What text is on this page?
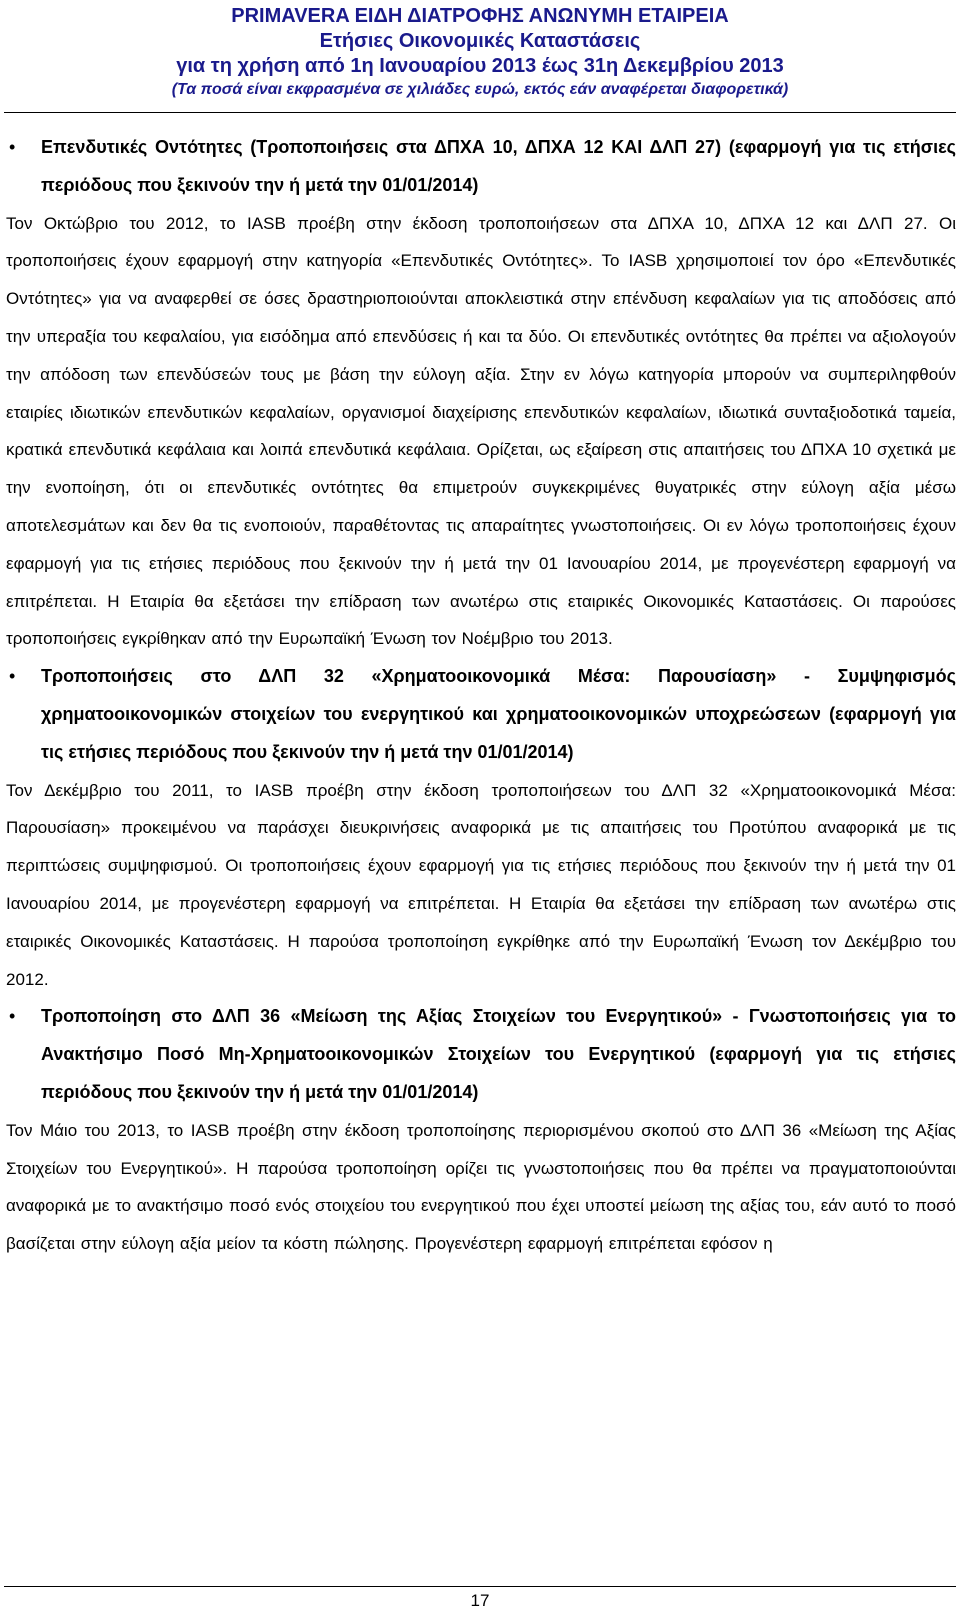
PRIMAVERA ΕΙΔΗ ΔΙΑΤΡΟΦΗΣ ΑΝΩΝΥΜΗ ΕΤΑΙΡΕΙΑ
Ετήσιες Οικονομικές Καταστάσεις
για τη χρήση από 1η Ιανουαρίου 2013 έως 31η Δεκεμβρίου 2013
(Τα ποσά είναι εκφρασμένα σε χιλιάδες ευρώ, εκτός εάν αναφέρεται διαφορετικά)
• Επενδυτικές Οντότητες (Τροποποιήσεις στα ΔΠΧΑ 10, ΔΠΧΑ 12 ΚΑΙ ΔΛΠ 27) (εφαρμογή για τις ετήσιες περιόδους που ξεκινούν την ή μετά την 01/01/2014)
Τον Οκτώβριο του 2012, το IASB προέβη στην έκδοση τροποποιήσεων στα ΔΠΧΑ 10, ΔΠΧΑ 12 και ΔΛΠ 27. Οι τροποποιήσεις έχουν εφαρμογή στην κατηγορία «Επενδυτικές Οντότητες». Το IASB χρησιμοποιεί τον όρο «Επενδυτικές Οντότητες» για να αναφερθεί σε όσες δραστηριοποιούνται αποκλειστικά στην επένδυση κεφαλαίων για τις αποδόσεις από την υπεραξία του κεφαλαίου, για εισόδημα από επενδύσεις ή και τα δύο. Οι επενδυτικές οντότητες θα πρέπει να αξιολογούν την απόδοση των επενδύσεών τους με βάση την εύλογη αξία. Στην εν λόγω κατηγορία μπορούν να συμπεριληφθούν εταιρίες ιδιωτικών επενδυτικών κεφαλαίων, οργανισμοί διαχείρισης επενδυτικών κεφαλαίων, ιδιωτικά συνταξιοδοτικά ταμεία, κρατικά επενδυτικά κεφάλαια και λοιπά επενδυτικά κεφάλαια. Ορίζεται, ως εξαίρεση στις απαιτήσεις του ΔΠΧΑ 10 σχετικά με την ενοποίηση, ότι οι επενδυτικές οντότητες θα επιμετρούν συγκεκριμένες θυγατρικές στην εύλογη αξία μέσω αποτελεσμάτων και δεν θα τις ενοποιούν, παραθέτοντας τις απαραίτητες γνωστοποιήσεις. Οι εν λόγω τροποποιήσεις έχουν εφαρμογή για τις ετήσιες περιόδους που ξεκινούν την ή μετά την 01 Ιανουαρίου 2014, με προγενέστερη εφαρμογή να επιτρέπεται. Η Εταιρία θα εξετάσει την επίδραση των ανωτέρω στις εταιρικές Οικονομικές Καταστάσεις. Οι παρούσες τροποποιήσεις εγκρίθηκαν από την Ευρωπαϊκή Ένωση τον Νοέμβριο του 2013.
• Τροποποιήσεις στο ΔΛΠ 32 «Χρηματοοικονομικά Μέσα: Παρουσίαση» - Συμψηφισμός χρηματοοικονομικών στοιχείων του ενεργητικού και χρηματοοικονομικών υποχρεώσεων (εφαρμογή για τις ετήσιες περιόδους που ξεκινούν την ή μετά την 01/01/2014)
Τον Δεκέμβριο του 2011, το IASB προέβη στην έκδοση τροποποιήσεων του ΔΛΠ 32 «Χρηματοοικονομικά Μέσα: Παρουσίαση» προκειμένου να παράσχει διευκρινήσεις αναφορικά με τις απαιτήσεις του Προτύπου αναφορικά με τις περιπτώσεις συμψηφισμού. Οι τροποποιήσεις έχουν εφαρμογή για τις ετήσιες περιόδους που ξεκινούν την ή μετά την 01 Ιανουαρίου 2014, με προγενέστερη εφαρμογή να επιτρέπεται. Η Εταιρία θα εξετάσει την επίδραση των ανωτέρω στις εταιρικές Οικονομικές Καταστάσεις. Η παρούσα τροποποίηση εγκρίθηκε από την Ευρωπαϊκή Ένωση τον Δεκέμβριο του 2012.
• Τροποποίηση στο ΔΛΠ 36 «Μείωση της Αξίας Στοιχείων του Ενεργητικού» - Γνωστοποιήσεις για το Ανακτήσιμο Ποσό Μη-Χρηματοοικονομικών Στοιχείων του Ενεργητικού (εφαρμογή για τις ετήσιες περιόδους που ξεκινούν την ή μετά την 01/01/2014)
Τον Μάιο του 2013, το IASB προέβη στην έκδοση τροποποίησης περιορισμένου σκοπού στο ΔΛΠ 36 «Μείωση της Αξίας Στοιχείων του Ενεργητικού». Η παρούσα τροποποίηση ορίζει τις γνωστοποιήσεις που θα πρέπει να πραγματοποιούνται αναφορικά με το ανακτήσιμο ποσό ενός στοιχείου του ενεργητικού που έχει υποστεί μείωση της αξίας του, εάν αυτό το ποσό βασίζεται στην εύλογη αξία μείον τα κόστη πώλησης. Προγενέστερη εφαρμογή επιτρέπεται εφόσον η
17
